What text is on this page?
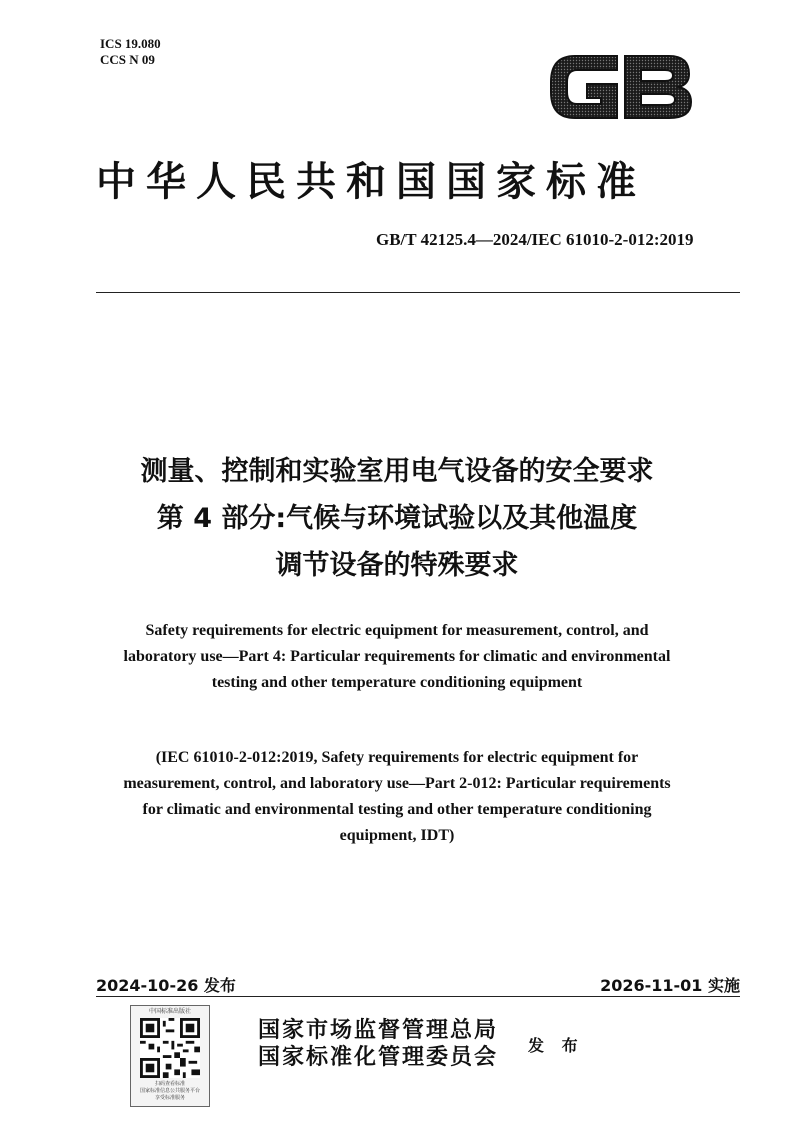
ICS 19.080
CCS N 09
中华人民共和国国家标准
GB/T 42125.4—2024/IEC 61010-2-012:2019
测量、控制和实验室用电气设备的安全要求
第 4 部分:气候与环境试验以及其他温度
调节设备的特殊要求
Safety requirements for electric equipment for measurement, control, and
laboratory use—Part 4: Particular requirements for climatic and environmental
testing and other temperature conditioning equipment
(IEC 61010-2-012:2019, Safety requirements for electric equipment for
measurement, control, and laboratory use—Part 2-012: Particular requirements
for climatic and environmental testing and other temperature conditioning
equipment, IDT)
2024-10-26 发布	2026-11-01 实施
中国标准出版社
扫码查看标准
国家标准信息公共服务平台
享受标准服务
国家市场监督管理总局
国家标准化管理委员会 发 布
